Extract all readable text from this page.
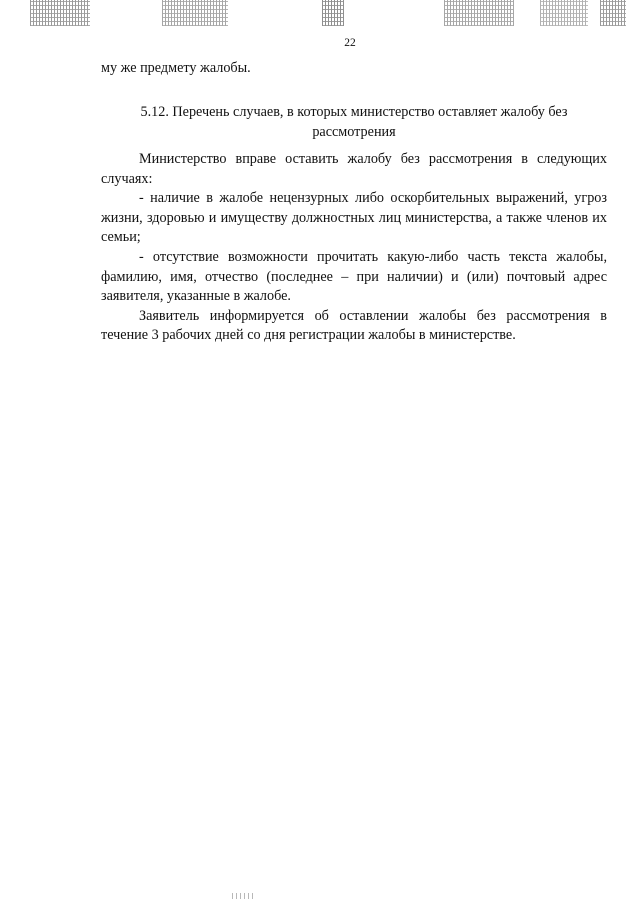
22
му же предмету жалобы.
5.12. Перечень случаев, в которых министерство оставляет жалобу без рассмотрения

Министерство вправе оставить жалобу без рассмотрения в следующих случаях:

- наличие в жалобе нецензурных либо оскорбительных выражений, угроз жизни, здоровью и имуществу должностных лиц министерства, а также членов их семьи;

- отсутствие возможности прочитать какую-либо часть текста жалобы, фамилию, имя, отчество (последнее – при наличии) и (или) почтовый адрес заявителя, указанные в жалобе.

Заявитель информируется об оставлении жалобы без рассмотрения в течение 3 рабочих дней со дня регистрации жалобы в министерстве.
